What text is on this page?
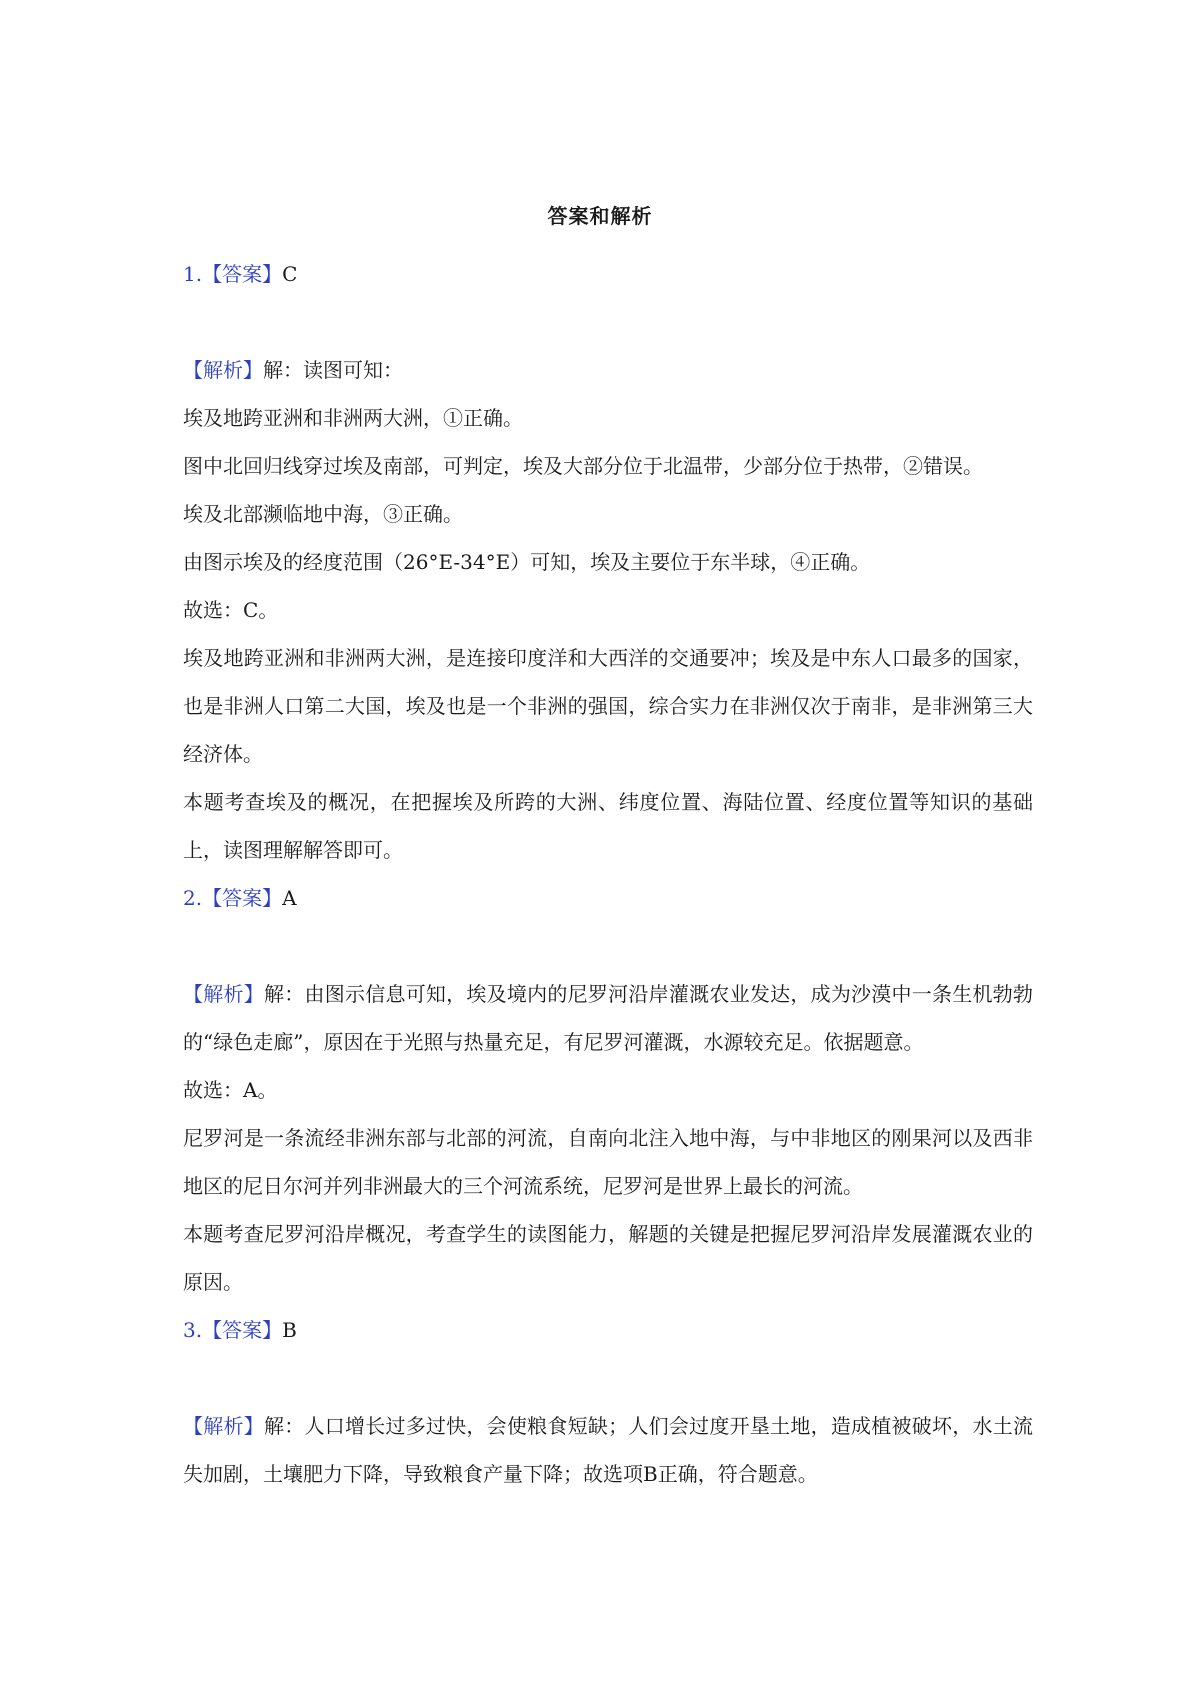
答案和解析
1.【答案】C

【解析】解：读图可知：

埃及地跨亚洲和非洲两大洲，①正确。

图中北回归线穿过埃及南部，可判定，埃及大部分位于北温带，少部分位于热带，②错误。

埃及北部濒临地中海，③正确。

由图示埃及的经度范围（26°E-34°E）可知，埃及主要位于东半球，④正确。

故选：C。

埃及地跨亚洲和非洲两大洲，是连接印度洋和大西洋的交通要冲；埃及是中东人口最多的国家，也是非洲人口第二大国，埃及也是一个非洲的强国，综合实力在非洲仅次于南非，是非洲第三大经济体。

本题考查埃及的概况，在把握埃及所跨的大洲、纬度位置、海陆位置、经度位置等知识的基础上，读图理解解答即可。

2.【答案】A

【解析】解：由图示信息可知，埃及境内的尼罗河沿岸灌溉农业发达，成为沙漠中一条生机勃勃的“绿色走廊”，原因在于光照与热量充足，有尼罗河灌溉，水源较充足。依据题意。

故选：A。

尼罗河是一条流经非洲东部与北部的河流，自南向北注入地中海，与中非地区的刚果河以及西非地区的尼日尔河并列非洲最大的三个河流系统，尼罗河是世界上最长的河流。

本题考查尼罗河沿岸概况，考查学生的读图能力，解题的关键是把握尼罗河沿岸发展灌溉农业的原因。

3.【答案】B

【解析】解：人口增长过多过快，会使粮食短缺；人们会过度开垦土地，造成植被破坏，水土流失加剧，土壤肥力下降，导致粮食产量下降；故选项B正确，符合题意。
